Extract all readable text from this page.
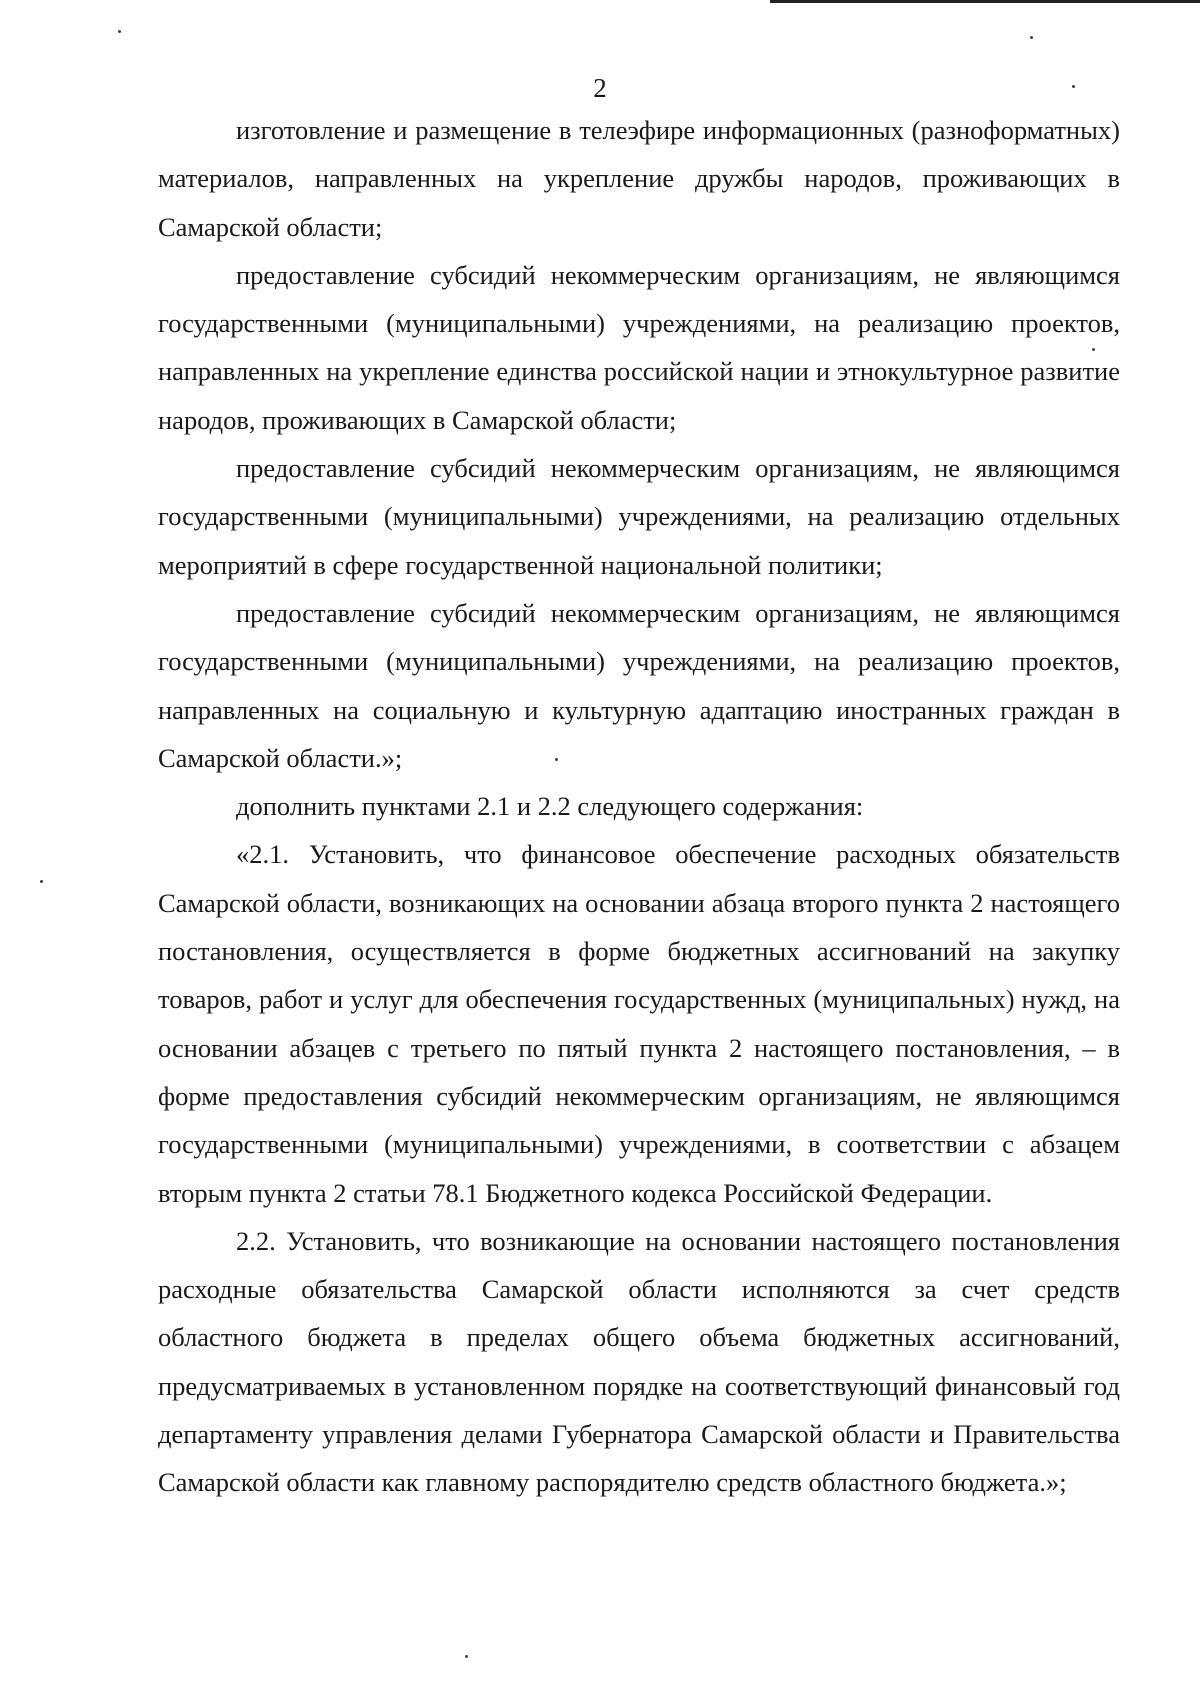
2

изготовление и размещение в телеэфире информационных (разноформатных) материалов, направленных на укрепление дружбы народов, проживающих в Самарской области;

предоставление субсидий некоммерческим организациям, не являющимся государственными (муниципальными) учреждениями, на реализацию проектов, направленных на укрепление единства российской нации и этнокультурное развитие народов, проживающих в Самарской области;

предоставление субсидий некоммерческим организациям, не являющимся государственными (муниципальными) учреждениями, на реализацию отдельных мероприятий в сфере государственной национальной политики;

предоставление субсидий некоммерческим организациям, не являющимся государственными (муниципальными) учреждениями, на реализацию проектов, направленных на социальную и культурную адаптацию иностранных граждан в Самарской области.»;

дополнить пунктами 2.1 и 2.2 следующего содержания:

«2.1. Установить, что финансовое обеспечение расходных обязательств Самарской области, возникающих на основании абзаца второго пункта 2 настоящего постановления, осуществляется в форме бюджетных ассигнований на закупку товаров, работ и услуг для обеспечения государственных (муниципальных) нужд, на основании абзацев с третьего по пятый пункта 2 настоящего постановления, – в форме предоставления субсидий некоммерческим организациям, не являющимся государственными (муниципальными) учреждениями, в соответствии с абзацем вторым пункта 2 статьи 78.1 Бюджетного кодекса Российской Федерации.

2.2. Установить, что возникающие на основании настоящего постановления расходные обязательства Самарской области исполняются за счет средств областного бюджета в пределах общего объема бюджетных ассигнований, предусматриваемых в установленном порядке на соответствующий финансовый год департаменту управления делами Губернатора Самарской области и Правительства Самарской области как главному распорядителю средств областного бюджета.»;
